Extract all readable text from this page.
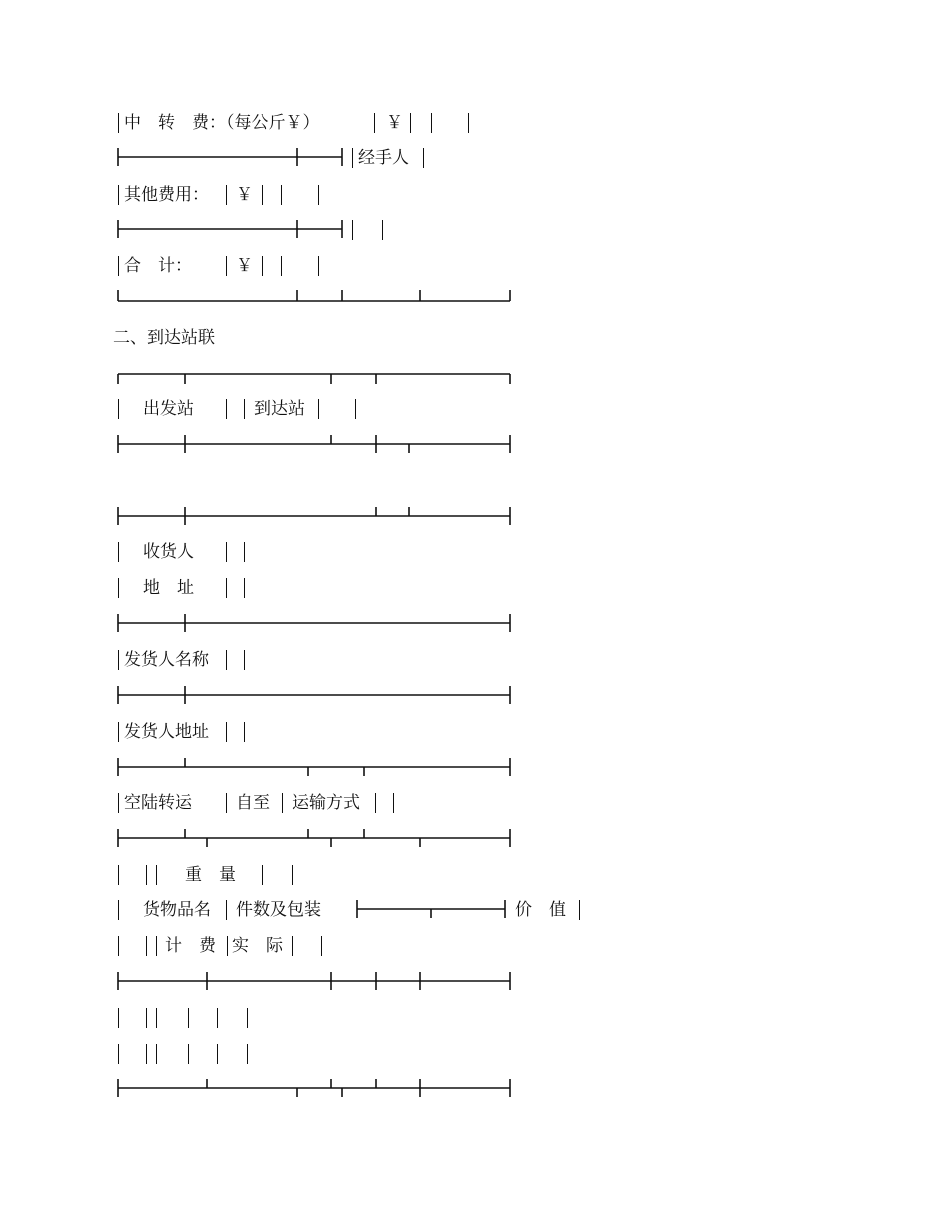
中　转　费：（每公斤￥）	￥
经手人
其他费用： ￥
合　计：	￥
二、到达站联
出发站	到达站
收货人
地　址
发货人名称
发货人地址
空陆转运	自至 运输方式
重　量
货物品名 件数及包装	价　值
计　费 实　际
